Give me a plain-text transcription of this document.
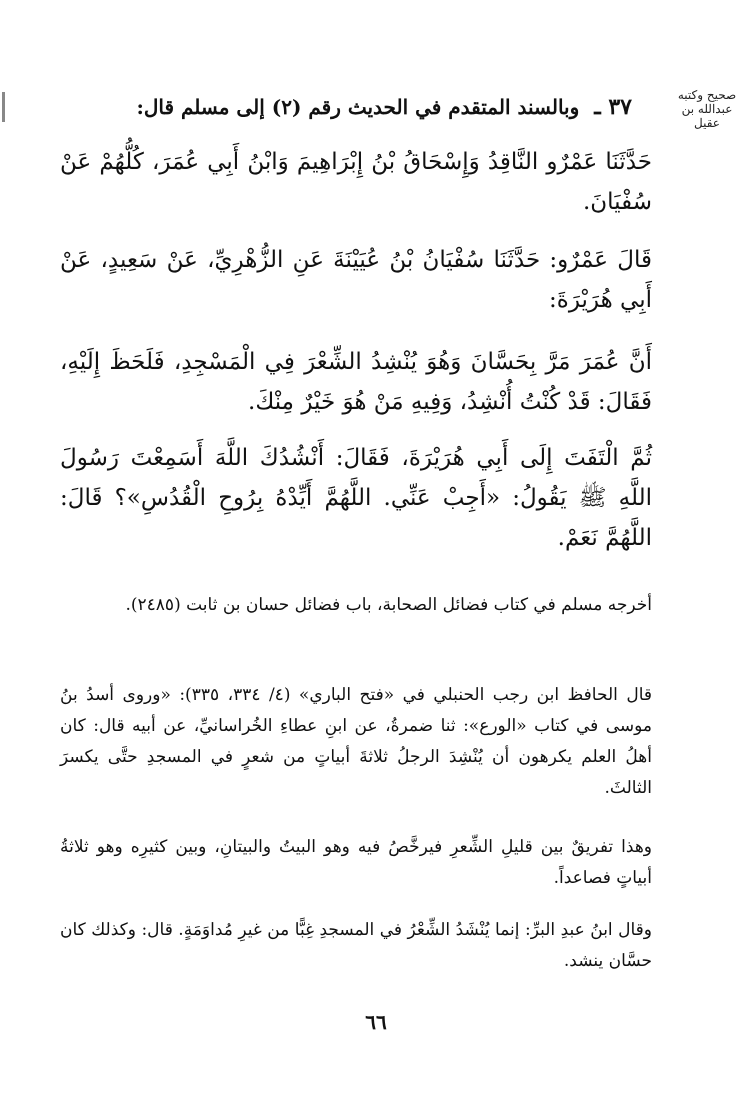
صحيح وكتبه عبدالله بن عقيل
٣٧ ـ وبالسند المتقدم في الحديث رقم (٢) إلى مسلم قال:

حَدَّثَنَا عَمْرٌو النَّاقِدُ وَإِسْحَاقُ بْنُ إِبْرَاهِيمَ وَابْنُ أَبِي عُمَرَ، كُلُّهُمْ عَنْ سُفْيَانَ.

قَالَ عَمْرٌو: حَدَّثَنَا سُفْيَانُ بْنُ عُيَيْنَةَ عَنِ الزُّهْرِيِّ، عَنْ سَعِيدٍ، عَنْ أَبِي هُرَيْرَةَ:

أَنَّ عُمَرَ مَرَّ بِحَسَّانَ وَهُوَ يُنْشِدُ الشِّعْرَ فِي الْمَسْجِدِ، فَلَحَظَ إِلَيْهِ، فَقَالَ: قَدْ كُنْتُ أُنْشِدُ، وَفِيهِ مَنْ هُوَ خَيْرٌ مِنْكَ.

ثُمَّ الْتَفَتَ إِلَى أَبِي هُرَيْرَةَ، فَقَالَ: أَنْشُدُكَ اللَّهَ أَسَمِعْتَ رَسُولَ اللَّهِ ﷺ يَقُولُ: «أَجِبْ عَنِّي. اللَّهُمَّ أَيِّدْهُ بِرُوحِ الْقُدُسِ»؟ قَالَ: اللَّهُمَّ نَعَمْ.

أخرجه مسلم في كتاب فضائل الصحابة، باب فضائل حسان بن ثابت (٢٤٨٥).

قال الحافظ ابن رجب الحنبلي في «فتح الباري» (٤/ ٣٣٤، ٣٣٥): «وروى أسدُ بنُ موسى في كتاب «الورع»: ثنا ضمرةُ، عن ابنِ عطاءِ الخُراسانيِّ، عن أبيه قال: كان أهلُ العلم يكرهون أن يُنْشِدَ الرجلُ ثلاثةَ أبياتٍ من شعرٍ في المسجدِ حتَّى يكسرَ الثالثَ.

وهذا تفريقٌ بين قليلِ الشِّعرِ فيرخَّصُ فيه وهو البيتُ والبيتانِ، وبين كثيرِه وهو ثلاثةُ أبياتٍ فصاعداً.

وقال ابنُ عبدِ البرِّ: إنما يُنْشَدُ الشِّعْرُ في المسجدِ غِبًّا من غيرِ مُداوَمَةٍ. قال: وكذلك كان حسَّان ينشد.

٦٦
